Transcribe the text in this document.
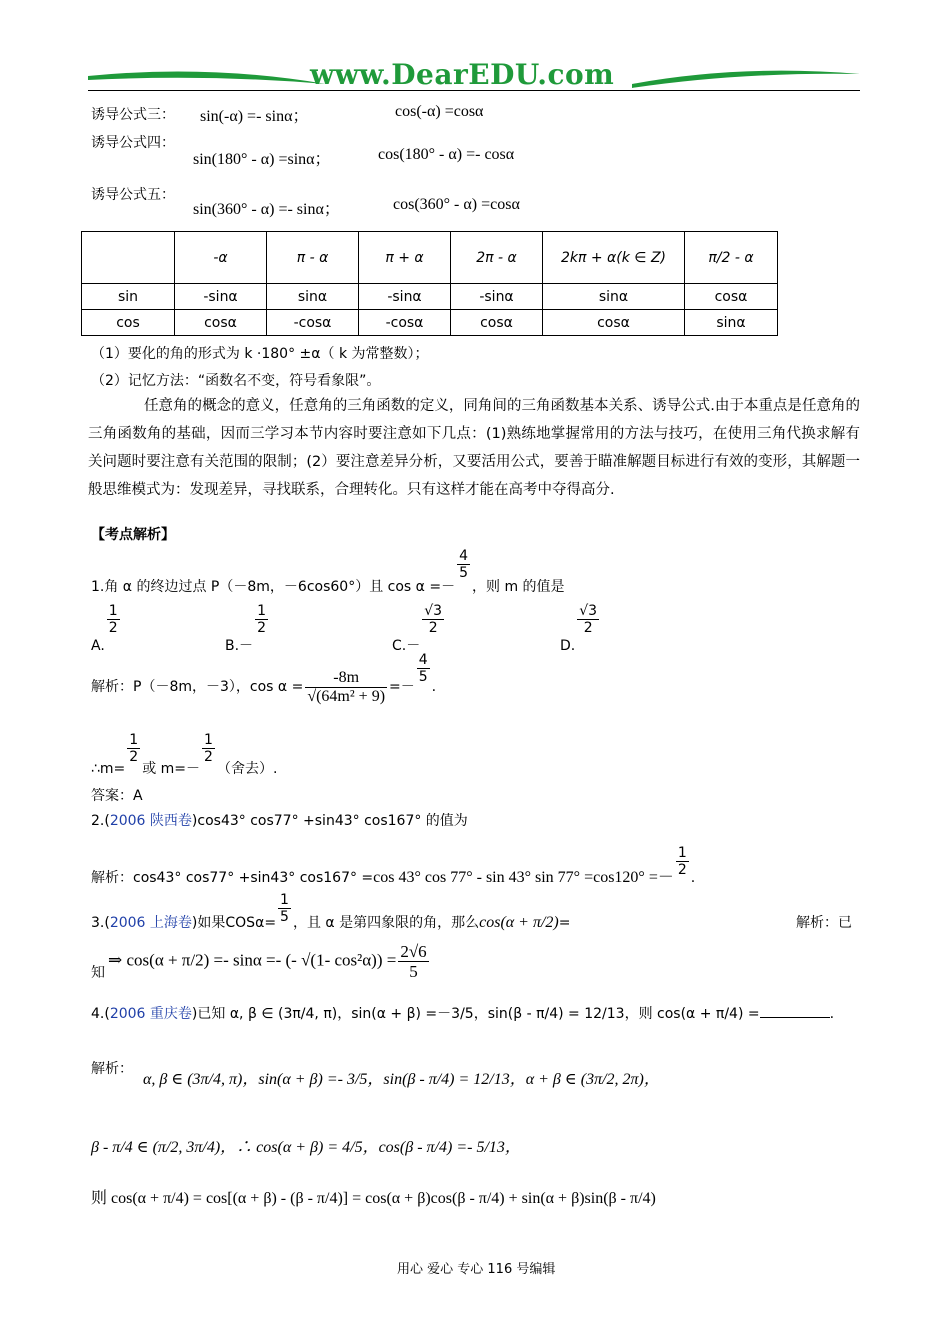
www.DearEDU.com
诱导公式三： sin(-α) =- sinα；	cos(-α) =cosα
诱导公式四：
sin(180° - α) =sinα；	cos(180° - α) =- cosα
诱导公式五：
sin(360° - α) =- sinα；	cos(360° - α) =cosα
	-α	π - α	π + α	2π - α	2kπ + α(k ∈ Z)	π/2 - α
sin	-sinα	sinα	-sinα	-sinα	sinα	cosα
cos	cosα	-cosα	-cosα	cosα	cosα	sinα
（1）要化的角的形式为 k ·180° ±α（ k 为常整数）；
（2）记忆方法：“函数名不变，符号看象限”。
任意角的概念的意义，任意角的三角函数的定义，同角间的三角函数基本关系、诱导公式.由于本重点是任意角的三角函数角的基础，因而三学习本节内容时要注意如下几点：(1)熟练地掌握常用的方法与技巧，在使用三角代换求解有关问题时要注意有关范围的限制；(2）要注意差异分析，又要活用公式，要善于瞄准解题目标进行有效的变形，其解题一般思维模式为：发现差异，寻找联系，合理转化。只有这样才能在高考中夺得高分.
【考点解析】
1.角 α 的终边过点 P（－8m，－6cos60°）且 cos α =－
$\frac{4}{5}$
，则 m 的值是
A.
$\frac{1}{2}$
B.－
$\frac{1}{2}$
C.－
$\frac{√3}{2}$
D.
$\frac{√3}{2}$
解析：P（－8m，－3），$\cos \alpha = \frac{-8m}{\text{√(64m² + 9)}}$ =－
$\frac{4}{5}$
.
∴m=
$\frac{1}{2}$
或 m=－
$\frac{1}{2}$
（舍去）.
答案：A
2.(2006 陕西卷)cos43° cos77° +sin43° cos167° 的值为
解析：cos43° cos77° +sin43° cos167° =cos 43° cos 77° - sin 43° $\sin 77^\circ =\cos 120^\circ =- \frac{1}{2}$ .
3.(2006 上海卷)如果$COS\alpha= \frac{1}{5}$ ，且 α 是第四象限的角，那么cos(α + π/2)=	解析：已
知
⇒ cos(α + π/2) =- sinα =- (- √(1- $\cos^2\alpha)) = \frac{2√6}{5}$
4.(2006 重庆卷)已知 α, β ∈ (3π/4, π)，sin(α + β) =－3/5，sin(β - π/4) = 12/13，则 cos(α + π/4) =	.
解析：
α, β ∈ (3π/4, π)，sin(α + β) =- 3/5，sin(β - π/4) = 12/13，α + β ∈ (3π/2, 2π)，
β - π/4 ∈ (π/2, 3π/4)，∴ cos(α + β) = 4/5，cos(β - π/4) =- 5/13，
则 cos(α + π/4) = cos[(α + β) - (β - π/4)] = cos(α + β)cos(β - π/4) + sin(α + β)sin(β - π/4)
用心 爱心 专心 116 号编辑
